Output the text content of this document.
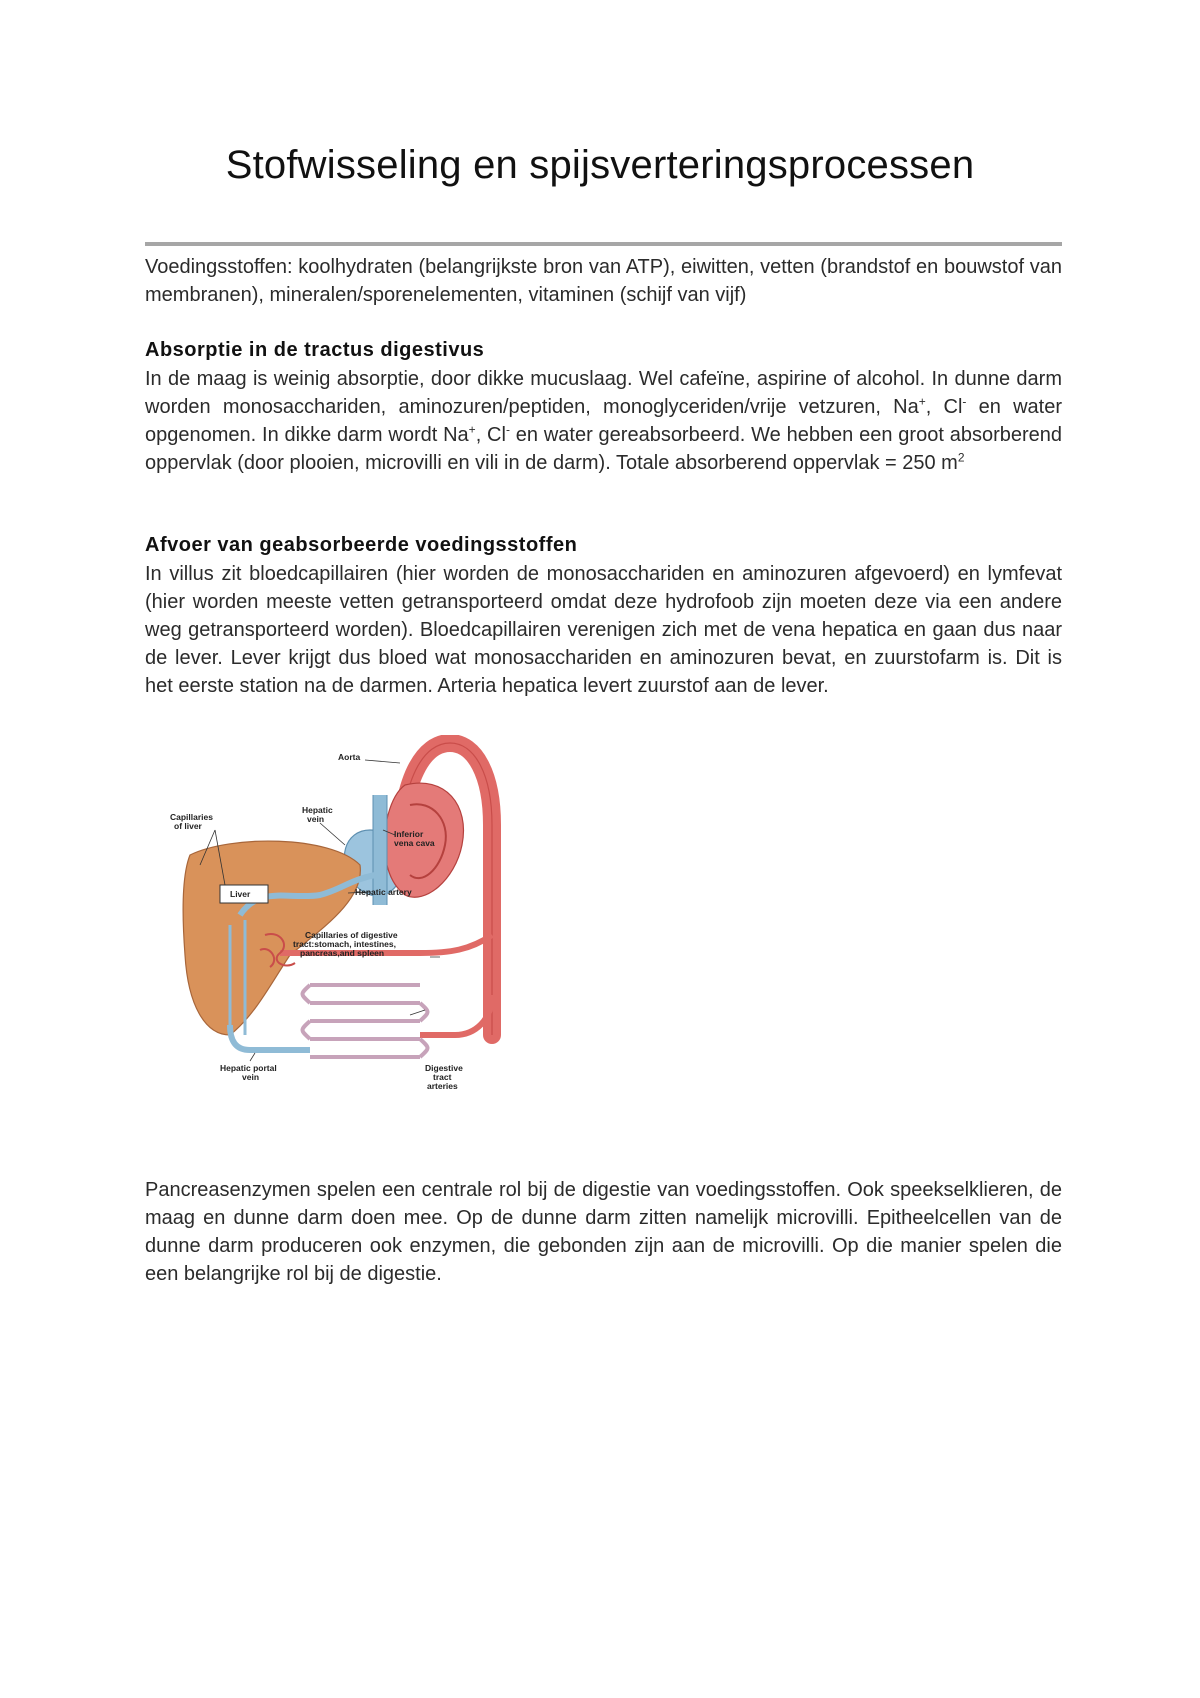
Stofwisseling en spijsverteringsprocessen

Voedingsstoffen: koolhydraten (belangrijkste bron van ATP), eiwitten, vetten (brandstof en bouwstof van membranen), mineralen/sporenelementen, vitaminen (schijf van vijf)

Absorptie in de tractus digestivus

In de maag is weinig absorptie, door dikke mucuslaag. Wel cafeïne, aspirine of alcohol. In dunne darm worden monosacchariden, aminozuren/peptiden, monoglyceriden/vrije vetzuren, Na+, Cl- en water opgenomen. In dikke darm wordt Na+, Cl- en water gereabsorbeerd. We hebben een groot absorberend oppervlak (door plooien, microvilli en vili in de darm). Totale absorberend oppervlak = 250 $m^2$

Afvoer van geabsorbeerde voedingsstoffen

In villus zit bloedcapillairen (hier worden de monosacchariden en aminozuren afgevoerd) en lymfevat (hier worden meeste vetten getransporteerd omdat deze hydrofoob zijn moeten deze via een andere weg getransporteerd worden). Bloedcapillairen verenigen zich met de vena hepatica en gaan dus naar de lever. Lever krijgt dus bloed wat monosacchariden en aminozuren bevat, en zuurstofarm is. Dit is het eerste station na de darmen. Arteria hepatica levert zuurstof aan de lever.

Liver
Aorta
Hepatic
vein
Capillaries
of liver
Inferior
vena cava
Hepatic artery
Capillaries of digestive
tract:stomach, intestines,
pancreas,and spleen
Hepatic portal
vein
Digestive
tract
arteries

Pancreasenzymen spelen een centrale rol bij de digestie van voedingsstoffen. Ook speekselklieren, de maag en dunne darm doen mee. Op de dunne darm zitten namelijk microvilli. Epitheelcellen van de dunne darm produceren ook enzymen, die gebonden zijn aan de microvilli. Op die manier spelen die een belangrijke rol bij de digestie.
